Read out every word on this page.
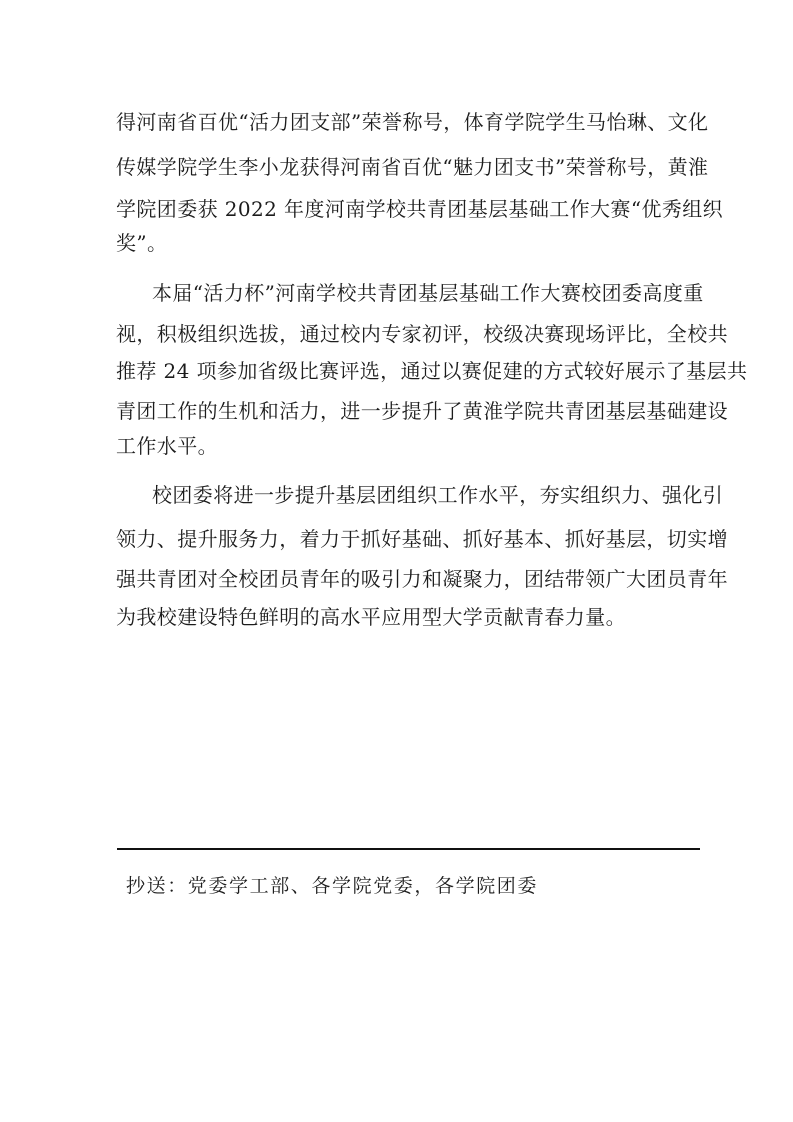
得河南省百优“活力团支部”荣誉称号，体育学院学生马怡琳、文化

传媒学院学生李小龙获得河南省百优“魅力团支书”荣誉称号，黄淮

学院团委获 2022 年度河南学校共青团基层基础工作大赛“优秀组织

奖”。

本届“活力杯”河南学校共青团基层基础工作大赛校团委高度重

视，积极组织选拔，通过校内专家初评，校级决赛现场评比，全校共

推荐 24 项参加省级比赛评选，通过以赛促建的方式较好展示了基层共

青团工作的生机和活力，进一步提升了黄淮学院共青团基层基础建设

工作水平。

校团委将进一步提升基层团组织工作水平，夯实组织力、强化引

领力、提升服务力，着力于抓好基础、抓好基本、抓好基层，切实增

强共青团对全校团员青年的吸引力和凝聚力，团结带领广大团员青年

为我校建设特色鲜明的高水平应用型大学贡献青春力量。

抄送：党委学工部、各学院党委，各学院团委
